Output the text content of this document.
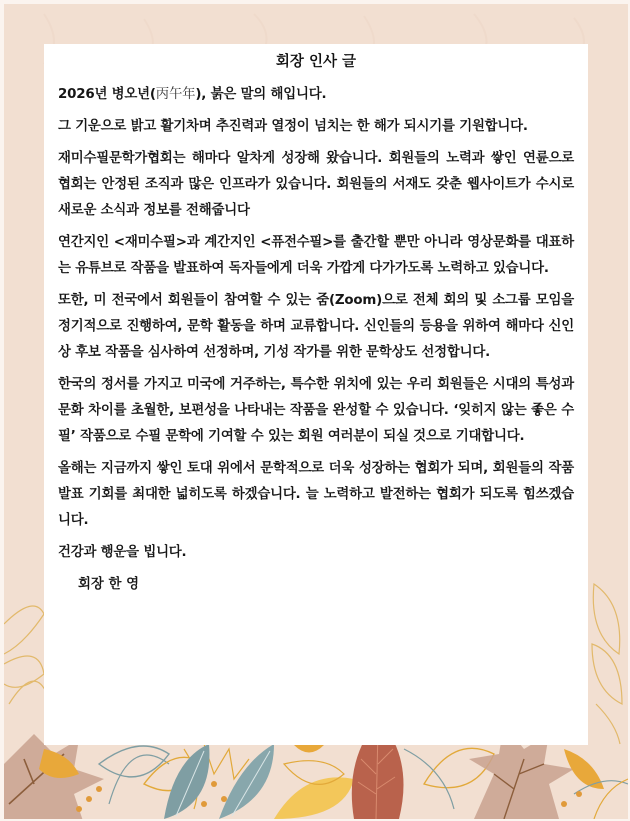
회장 인사 글

2026년 병오년(丙午年), 붉은 말의 해입니다.

그 기운으로 밝고 활기차며 추진력과 열정이 넘치는 한 해가 되시기를 기원합니다.

재미수필문학가협회는 해마다 알차게 성장해 왔습니다. 회원들의 노력과 쌓인 연륜으로 협회는 안정된 조직과 많은 인프라가 있습니다. 회원들의 서재도 갖춘 웹사이트가 수시로 새로운 소식과 정보를 전해줍니다

연간지인 <재미수필>과 계간지인 <퓨전수필>를 출간할 뿐만 아니라 영상문화를 대표하는 유튜브로 작품을 발표하여 독자들에게 더욱 가깝게 다가가도록 노력하고 있습니다.

또한, 미 전국에서 회원들이 참여할 수 있는 줌(Zoom)으로 전체 회의 및 소그룹 모임을 정기적으로 진행하여, 문학 활동을 하며 교류합니다. 신인들의 등용을 위하여 해마다 신인상 후보 작품을 심사하여 선정하며, 기성 작가를 위한 문학상도 선정합니다.

한국의 정서를 가지고 미국에 거주하는, 특수한 위치에 있는 우리 회원들은 시대의 특성과 문화 차이를 초월한, 보편성을 나타내는 작품을 완성할 수 있습니다. ‘잊히지 않는 좋은 수필’ 작품으로 수필 문학에 기여할 수 있는 회원 여러분이 되실 것으로 기대합니다.

올해는 지금까지 쌓인 토대 위에서 문학적으로 더욱 성장하는 협회가 되며, 회원들의 작품 발표 기회를 최대한 넓히도록 하겠습니다. 늘 노력하고 발전하는 협회가 되도록 힘쓰겠습니다.

건강과 행운을 빕니다.

회장 한 영
